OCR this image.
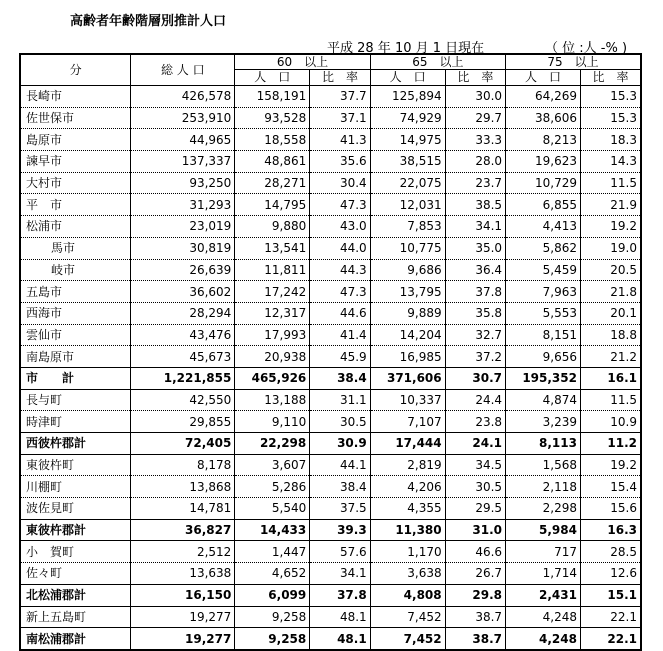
高齢者年齢階層別推計人口
平成 28 年 10 月 1 日現在	（ 位 :人 -% )
分	総 人 口	60　以上		65　以上		75　以上	
		人　口	比　率	人　口	比　率	人　口	比　率
長崎市	426,578	158,191	37.7	125,894	30.0	64,269	15.3
佐世保市	253,910	93,528	37.1	74,929	29.7	38,606	15.3
島原市	44,965	18,558	41.3	14,975	33.3	8,213	18.3
諫早市	137,337	48,861	35.6	38,515	28.0	19,623	14.3
大村市	93,250	28,271	30.4	22,075	23.7	10,729	11.5
平　市	31,293	14,795	47.3	12,031	38.5	6,855	21.9
松浦市	23,019	9,880	43.0	7,853	34.1	4,413	19.2
馬市	30,819	13,541	44.0	10,775	35.0	5,862	19.0
岐市	26,639	11,811	44.3	9,686	36.4	5,459	20.5
五島市	36,602	17,242	47.3	13,795	37.8	7,963	21.8
西海市	28,294	12,317	44.6	9,889	35.8	5,553	20.1
雲仙市	43,476	17,993	41.4	14,204	32.7	8,151	18.8
南島原市	45,673	20,938	45.9	16,985	37.2	9,656	21.2
市　　計	1,221,855	465,926	38.4	371,606	30.7	195,352	16.1
長与町	42,550	13,188	31.1	10,337	24.4	4,874	11.5
時津町	29,855	9,110	30.5	7,107	23.8	3,239	10.9
西彼杵郡計	72,405	22,298	30.9	17,444	24.1	8,113	11.2
東彼杵町	8,178	3,607	44.1	2,819	34.5	1,568	19.2
川棚町	13,868	5,286	38.4	4,206	30.5	2,118	15.4
波佐見町	14,781	5,540	37.5	4,355	29.5	2,298	15.6
東彼杵郡計	36,827	14,433	39.3	11,380	31.0	5,984	16.3
小　賀町	2,512	1,447	57.6	1,170	46.6	717	28.5
佐々町	13,638	4,652	34.1	3,638	26.7	1,714	12.6
北松浦郡計	16,150	6,099	37.8	4,808	29.8	2,431	15.1
新上五島町	19,277	9,258	48.1	7,452	38.7	4,248	22.1
南松浦郡計	19,277	9,258	48.1	7,452	38.7	4,248	22.1
